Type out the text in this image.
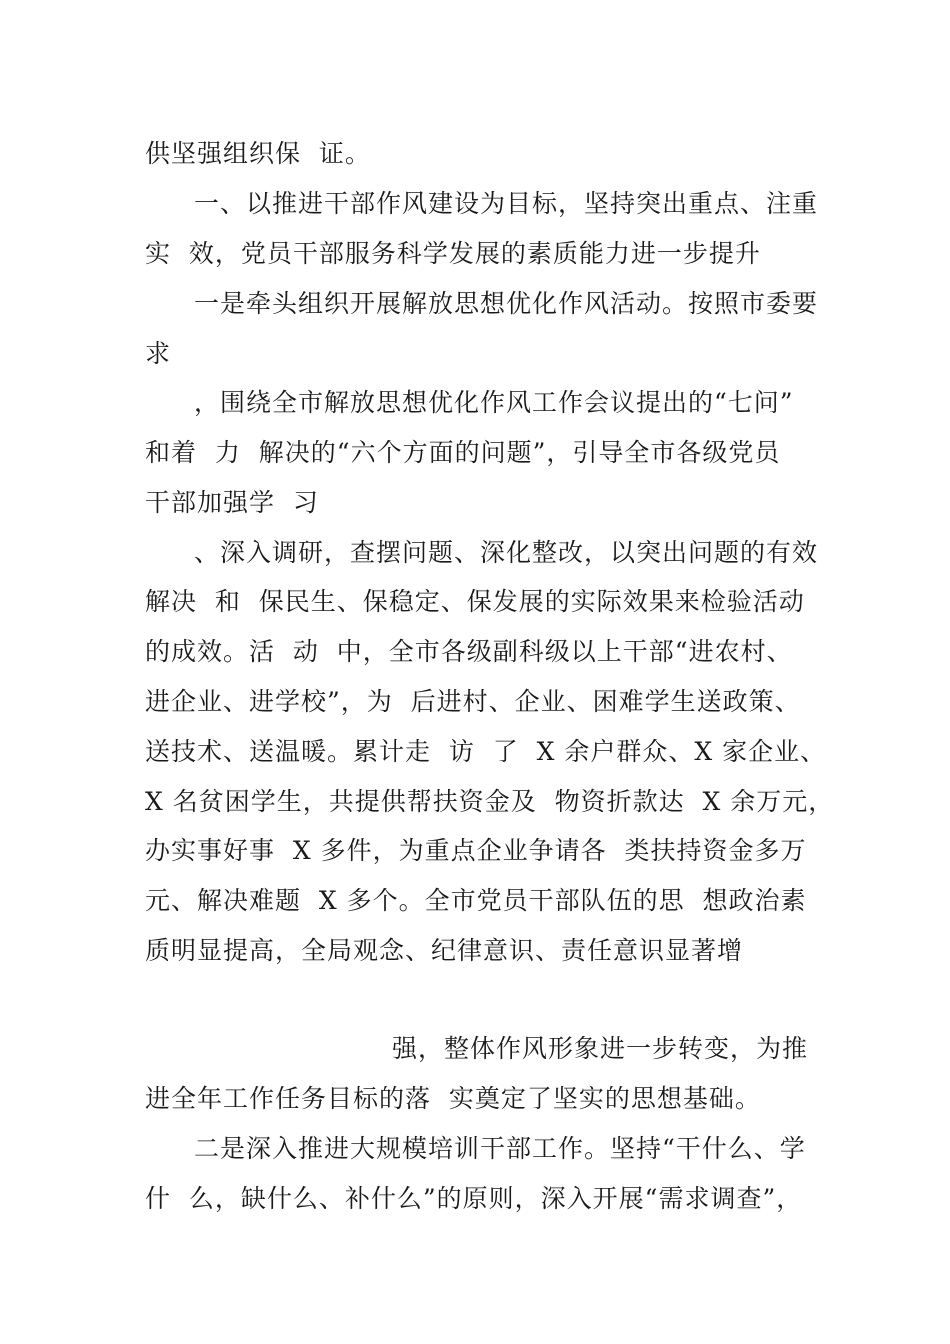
供坚强组织保  证。
一、以推进干部作风建设为目标，坚持突出重点、注重
实  效，党员干部服务科学发展的素质能力进一步提升
一是牵头组织开展解放思想优化作风活动。按照市委要
求
，围绕全市解放思想优化作风工作会议提出的“七问”
和着  力  解决的“六个方面的问题”，引导全市各级党员
干部加强学  习
、深入调研，查摆问题、深化整改，以突出问题的有效
解决  和  保民生、保稳定、保发展的实际效果来检验活动
的成效。活  动  中，全市各级副科级以上干部“进农村、
进企业、进学校”，为  后进村、企业、困难学生送政策、
送技术、送温暖。累计走  访  了  X 余户群众、X 家企业、
X 名贫困学生，共提供帮扶资金及  物资折款达  X 余万元，
办实事好事  X 多件，为重点企业争请各  类扶持资金多万
元、解决难题  X 多个。全市党员干部队伍的思  想政治素
质明显提高，全局观念、纪律意识、责任意识显著增
强，整体作风形象进一步转变，为推
进全年工作任务目标的落  实奠定了坚实的思想基础。
二是深入推进大规模培训干部工作。坚持“干什么、学
什  么，缺什么、补什么”的原则，深入开展“需求调查”，
